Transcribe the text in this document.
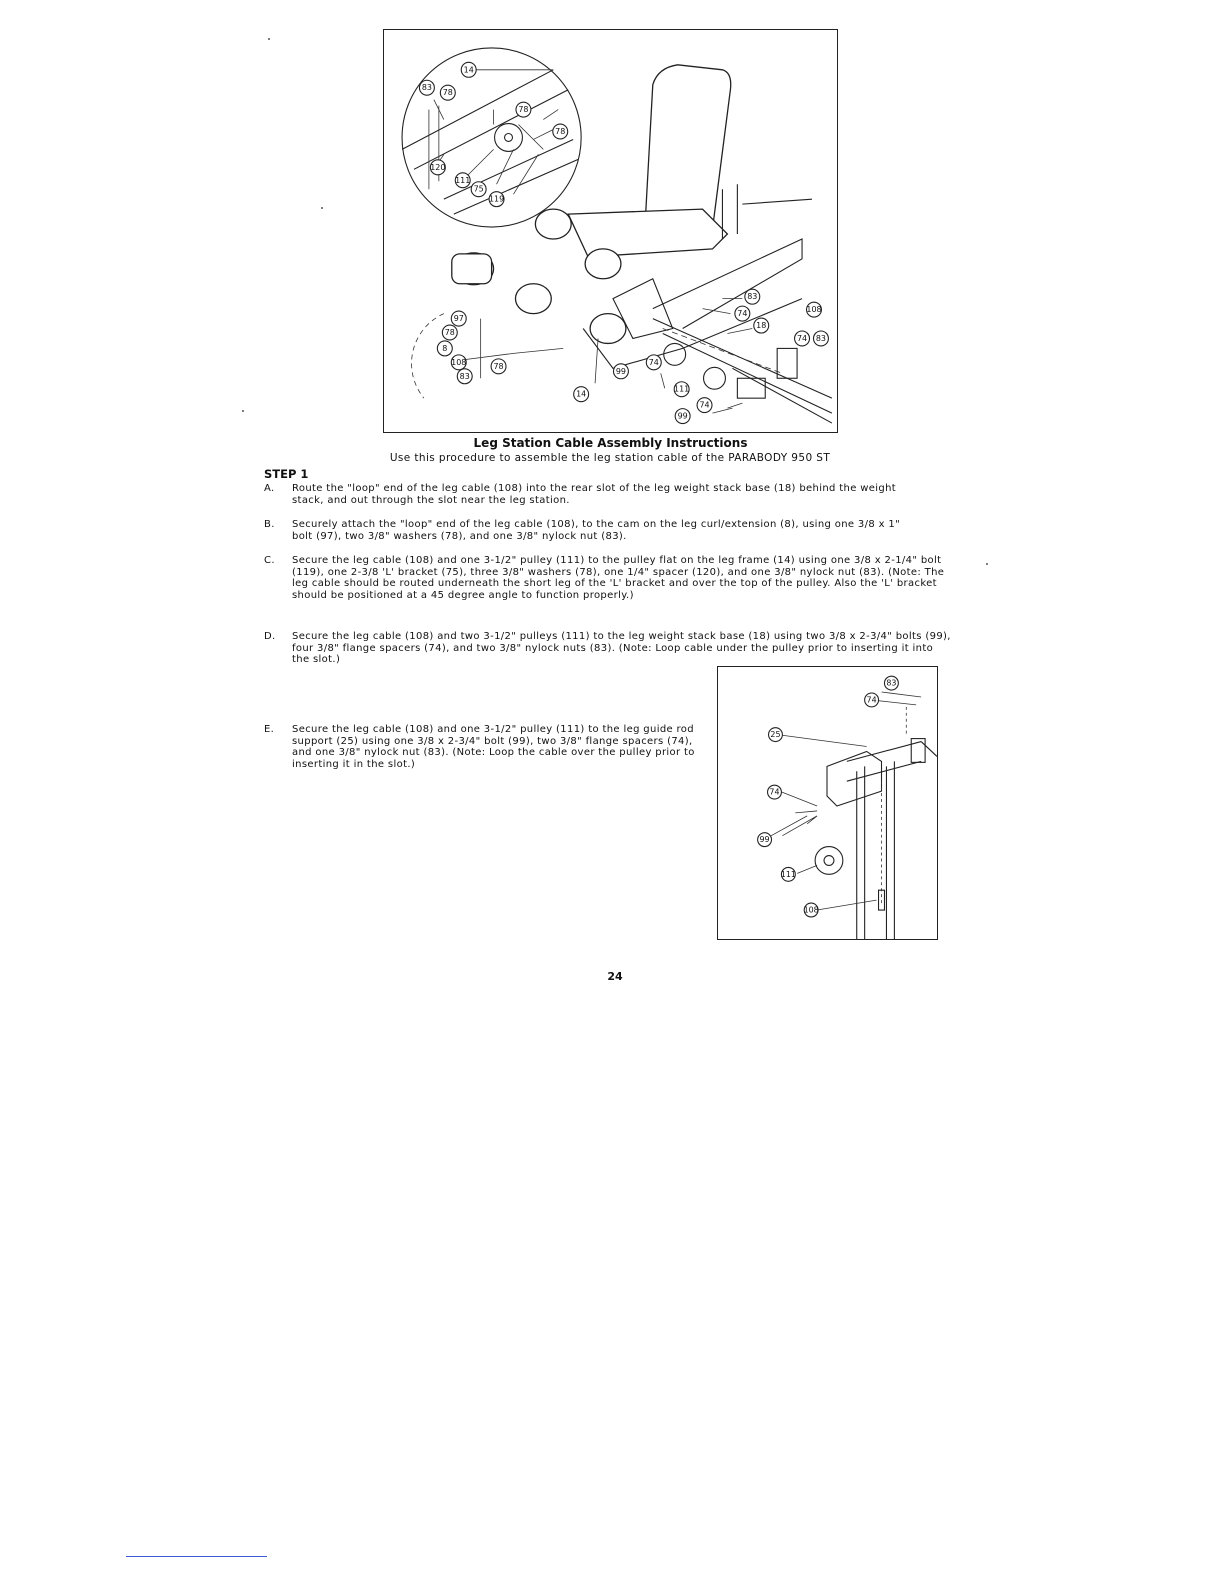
14
83
78
78
78
120
111
75
119
97
78
8
108	78
83
14
83
74	108
18
74 83
99
74
111
74
99
Leg Station Cable Assembly Instructions
Use this procedure to assemble the leg station cable of the PARABODY 950 ST
STEP 1
A. Route the "loop" end of the leg cable (108) into the rear slot of the leg weight stack base (18) behind the weight stack, and out through the slot near the leg station.
B. Securely attach the "loop" end of the leg cable (108), to the cam on the leg curl/extension (8), using one 3/8 x 1" bolt (97), two 3/8" washers (78), and one 3/8" nylock nut (83).
C. Secure the leg cable (108) and one 3-1/2" pulley (111) to the pulley flat on the leg frame (14) using one 3/8 x 2-1/4" bolt (119), one 2-3/8 'L' bracket (75), three 3/8" washers (78), one 1/4" spacer (120), and one 3/8" nylock nut (83). (Note: The leg cable should be routed underneath the short leg of the 'L' bracket and over the top of the pulley. Also the 'L' bracket should be positioned at a 45 degree angle to function properly.)
D. Secure the leg cable (108) and two 3-1/2" pulleys (111) to the leg weight stack base (18) using two 3/8 x 2-3/4" bolts (99), four 3/8" flange spacers (74), and two 3/8" nylock nuts (83). (Note: Loop cable under the pulley prior to inserting it into the slot.)
E. Secure the leg cable (108) and one 3-1/2" pulley (111) to the leg guide rod support (25) using one 3/8 x 2-3/4" bolt (99), two 3/8" flange spacers (74), and one 3/8" nylock nut (83). (Note: Loop the cable over the pulley prior to inserting it in the slot.)
83
74
25
74
99
111
108
24
